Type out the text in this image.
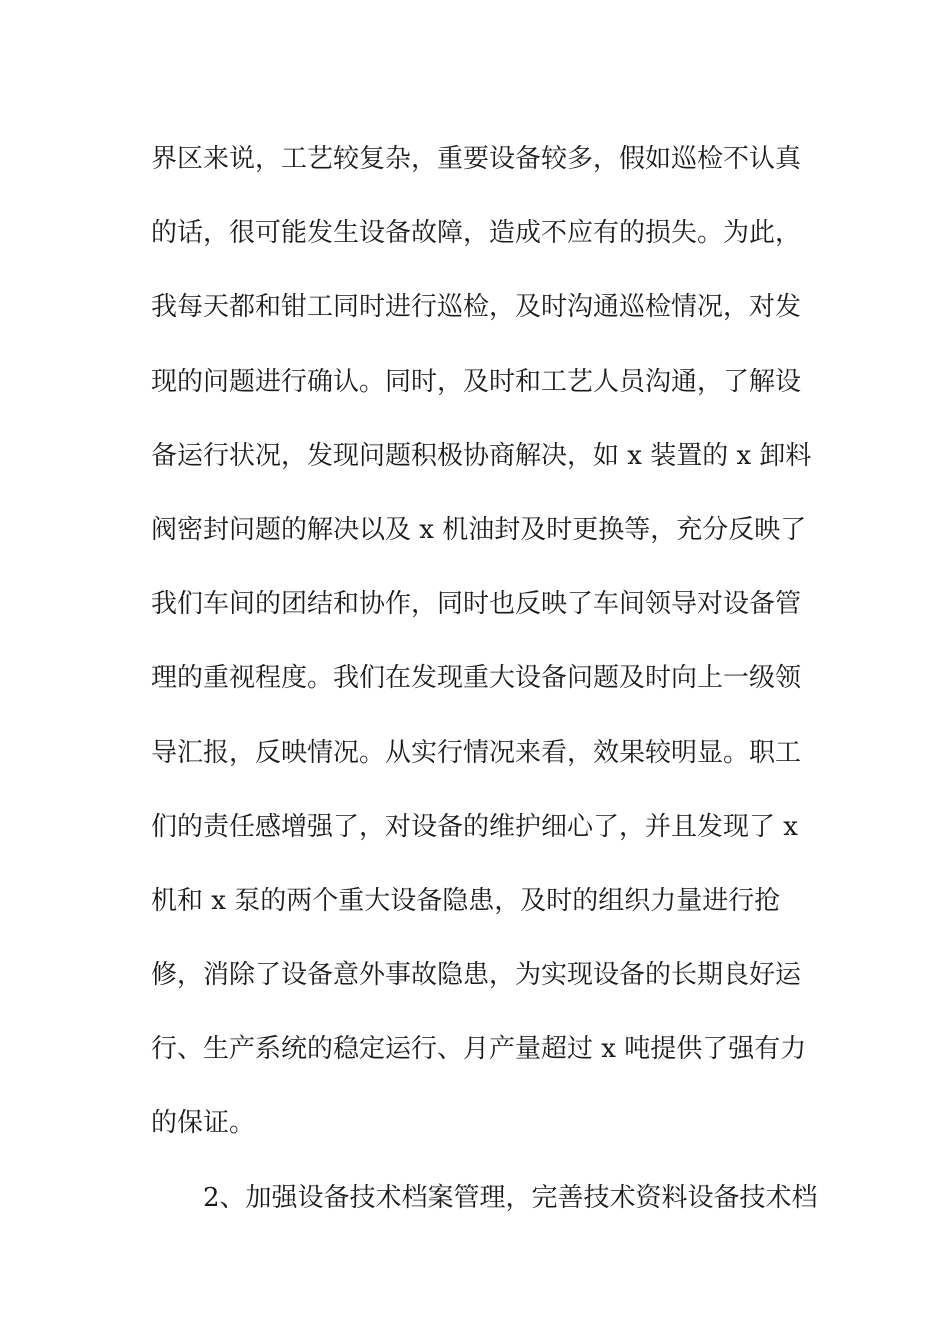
界区来说，工艺较复杂，重要设备较多，假如巡检不认真
的话，很可能发生设备故障，造成不应有的损失。为此，
我每天都和钳工同时进行巡检，及时沟通巡检情况，对发
现的问题进行确认。同时，及时和工艺人员沟通，了解设
备运行状况，发现问题积极协商解决，如 x 装置的 x 卸料
阀密封问题的解决以及 x 机油封及时更换等，充分反映了
我们车间的团结和协作，同时也反映了车间领导对设备管
理的重视程度。我们在发现重大设备问题及时向上一级领
导汇报，反映情况。从实行情况来看，效果较明显。职工
们的责任感增强了，对设备的维护细心了，并且发现了 x
机和 x 泵的两个重大设备隐患，及时的组织力量进行抢
修，消除了设备意外事故隐患，为实现设备的长期良好运
行、生产系统的稳定运行、月产量超过 x 吨提供了强有力
的保证。
2、加强设备技术档案管理，完善技术资料设备技术档
